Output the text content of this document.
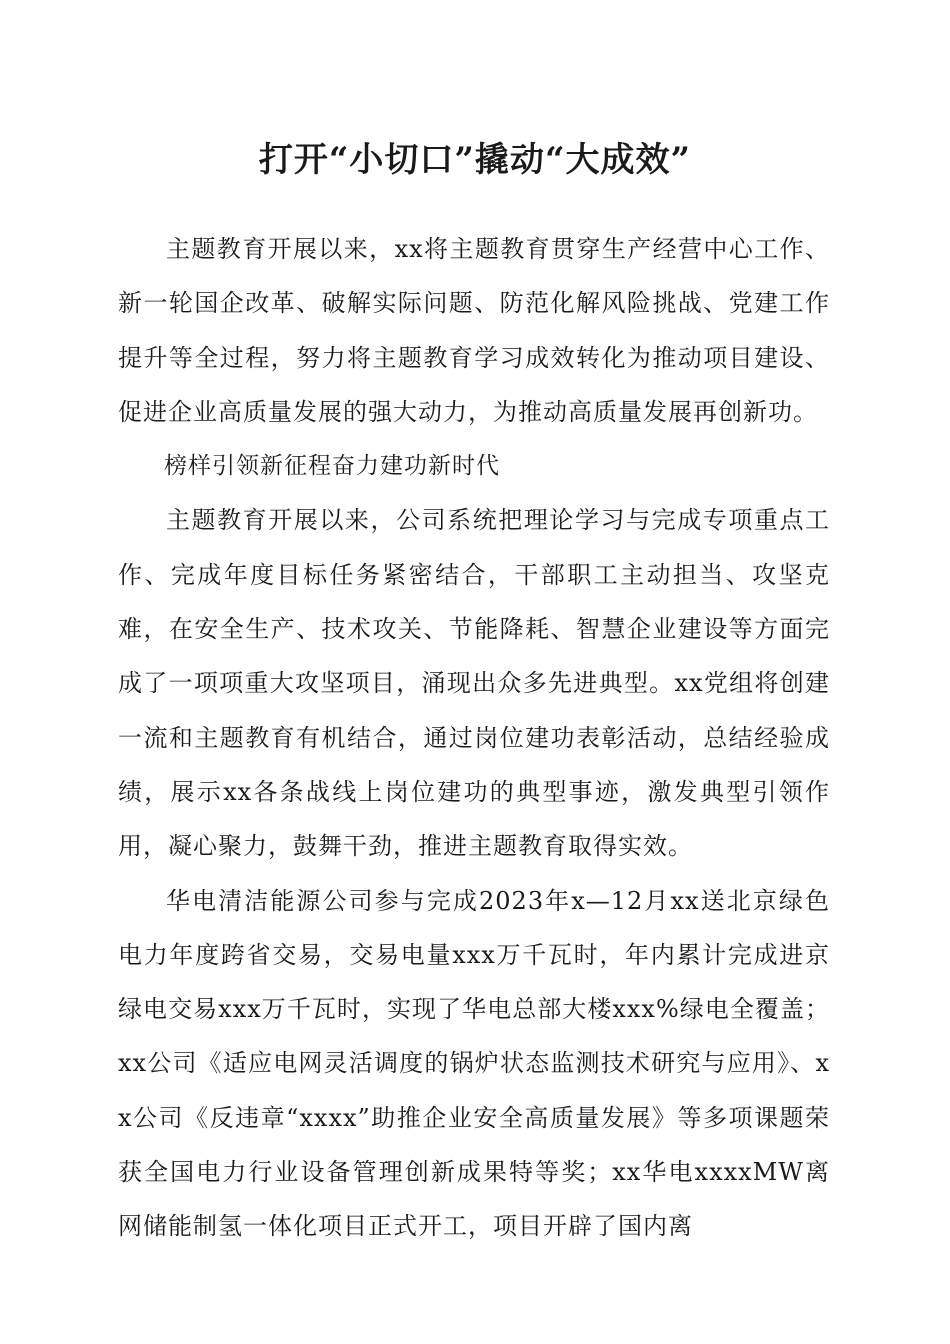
打开“小切口”撬动“大成效”

主题教育开展以来，xx将主题教育贯穿生产经营中心工作、新一轮国企改革、破解实际问题、防范化解风险挑战、党建工作提升等全过程，努力将主题教育学习成效转化为推动项目建设、促进企业高质量发展的强大动力，为推动高质量发展再创新功。

榜样引领新征程奋力建功新时代

主题教育开展以来，公司系统把理论学习与完成专项重点工作、完成年度目标任务紧密结合，干部职工主动担当、攻坚克难，在安全生产、技术攻关、节能降耗、智慧企业建设等方面完成了一项项重大攻坚项目，涌现出众多先进典型。xx党组将创建一流和主题教育有机结合，通过岗位建功表彰活动，总结经验成绩，展示xx各条战线上岗位建功的典型事迹，激发典型引领作用，凝心聚力，鼓舞干劲，推进主题教育取得实效。

华电清洁能源公司参与完成2023年x—12月xx送北京绿色电力年度跨省交易，交易电量xxx万千瓦时，年内累计完成进京绿电交易xxx万千瓦时，实现了华电总部大楼xxx%绿电全覆盖；xx公司《适应电网灵活调度的锅炉状态监测技术研究与应用》、xx公司《反违章“xxxx”助推企业安全高质量发展》等多项课题荣获全国电力行业设备管理创新成果特等奖；xx华电xxxxMW离网储能制氢一体化项目正式开工，项目开辟了国内离
